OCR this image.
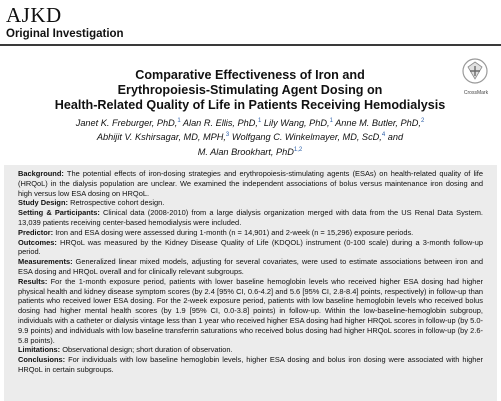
AJKD
Original Investigation
CrossMark
Comparative Effectiveness of Iron and
Erythropoiesis-Stimulating Agent Dosing on
Health-Related Quality of Life in Patients Receiving Hemodialysis
Janet K. Freburger, PhD,$^1$ Alan R. Ellis, PhD,$^1$ Lily Wang, PhD,$^1$ Anne M. Butler, PhD,$^2$
Abhijit V. Kshirsagar, MD, MPH,$^3$ Wolfgang C. Winkelmayer, MD, ScD,$^4$ and
M. Alan Brookhart, PhD$^{1,2}$

Background: The potential effects of iron-dosing strategies and erythropoiesis-stimulating agents (ESAs) on health-related quality of life (HRQoL) in the dialysis population are unclear. We examined the independent associations of bolus versus maintenance iron dosing and high versus low ESA dosing on HRQoL.

Study Design: Retrospective cohort design.

Setting & Participants: Clinical data (2008-2010) from a large dialysis organization merged with data from the US Renal Data System. 13,039 patients receiving center-based hemodialysis were included.

Predictor: Iron and ESA dosing were assessed during 1-month (n = 14,901) and 2-week (n = 15,296) exposure periods.

Outcomes: HRQoL was measured by the Kidney Disease Quality of Life (KDQOL) instrument (0-100 scale) during a 3-month follow-up period.

Measurements: Generalized linear mixed models, adjusting for several covariates, were used to estimate associations between iron and ESA dosing and HRQoL overall and for clinically relevant subgroups.

Results: For the 1-month exposure period, patients with lower baseline hemoglobin levels who received higher ESA dosing had higher physical health and kidney disease symptom scores (by 2.4 [95% CI, 0.6-4.2] and 5.6 [95% CI, 2.8-8.4] points, respectively) in follow-up than patients who received lower ESA dosing. For the 2-week exposure period, patients with low baseline hemoglobin levels who received bolus dosing had higher mental health scores (by 1.9 [95% CI, 0.0-3.8] points) in follow-up. Within the low-baseline-hemoglobin subgroup, individuals with a catheter or dialysis vintage less than 1 year who received higher ESA dosing had higher HRQoL scores in follow-up (by 5.0-9.9 points) and individuals with low baseline transferrin saturations who received bolus dosing had higher HRQoL scores in follow-up (by 2.6-5.8 points).

Limitations: Observational design; short duration of observation.

Conclusions: For individuals with low baseline hemoglobin levels, higher ESA dosing and bolus iron dosing were associated with higher HRQoL in certain subgroups.
